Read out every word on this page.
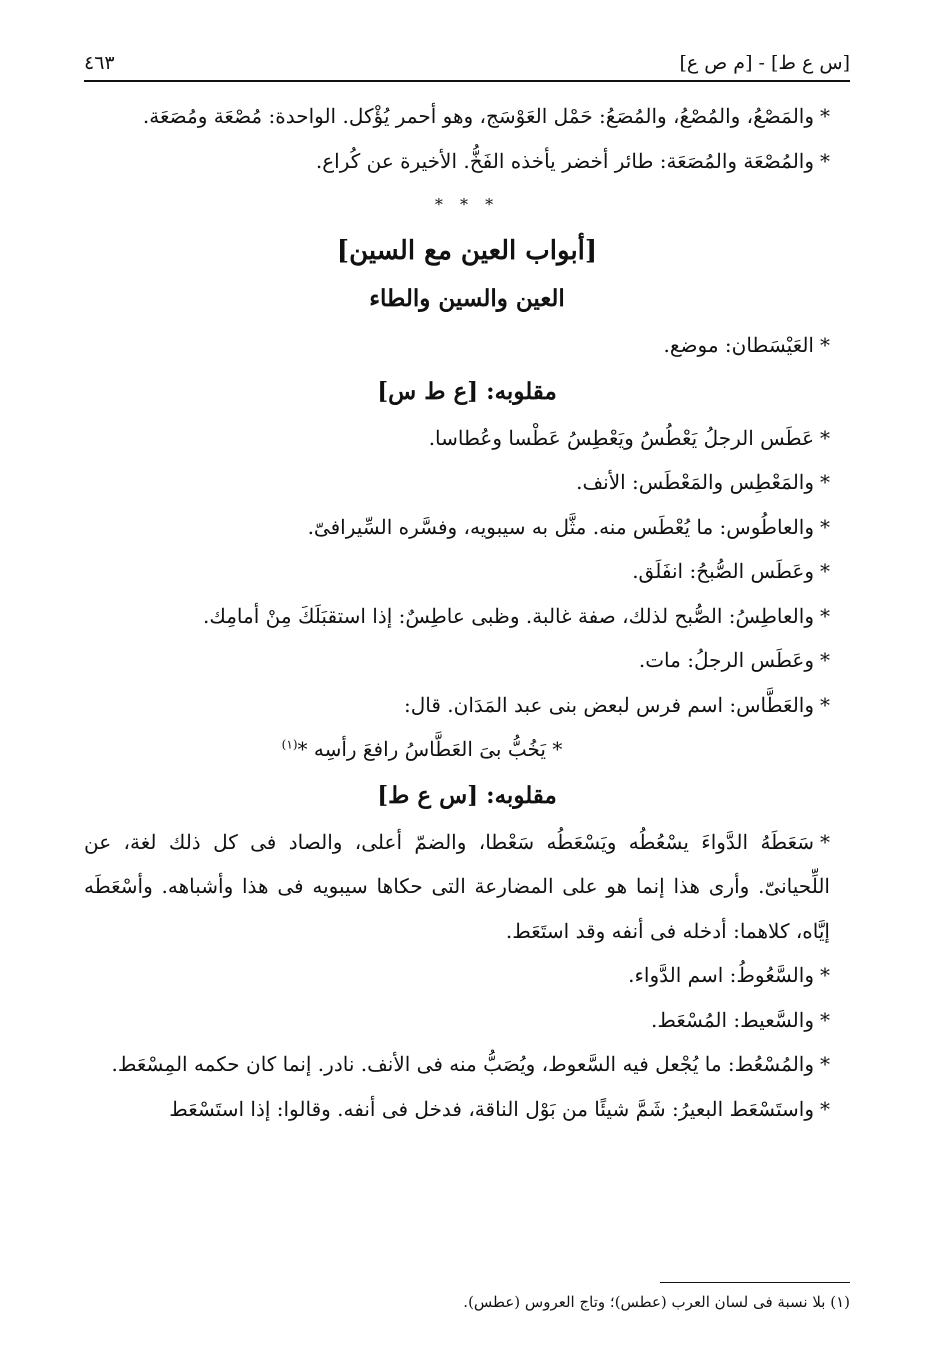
٤٦٣	[م ص ع] - [س ع ط]

*والمَصْعُ، والمُصْعُ، والمُصَعُ: حَمْل العَوْسَج، وهو أحمر يُؤْكل. الواحدة: مُصْعَة ومُصَعَة.

*والمُصْعَة والمُصَعَة: طائر أخضر يأخذه الفَخُّ. الأخيرة عن كُراع.

* * *
[أبواب العين مع السين]
العين والسين والطاء

*العَيْسَطان: موضع.

مقلوبه: [ع ط س]

*عَطَس الرجلُ يَعْطُسُ ويَعْطِسُ عَطْسا وعُطاسا.

*والمَعْطِس والمَعْطَس: الأنف.

*والعاطُوس: ما يُعْطَس منه. مثَّل به سيبويه، وفسَّره السِّيرافىّ.

*وعَطَس الصُّبحُ: انفَلَق.

*والعاطِسُ: الصُّبح لذلك، صفة غالبة. وظبى عاطِسٌ: إذا استقبَلَكَ مِنْ أمامِك.

*وعَطَس الرجلُ: مات.

*والعَطَّاس: اسم فرس لبعض بنى عبد المَدَان. قال:

* يَخُبُّ بىَ العَطَّاسُ رافعَ رأسِه *$^{(١)}$
مقلوبه: [س ع ط]

*سَعَطَهُ الدَّواءَ يسْعُطُه ويَسْعَطُه سَعْطا، والضمّ أعلى، والصاد فى كل ذلك لغة، عن اللِّحيانىّ. وأرى هذا إنما هو على المضارعة التى حكاها سيبويه فى هذا وأشباهه. وأسْعَطَه إيَّاه، كلاهما: أدخله فى أنفه وقد استَعَط.

*والسَّعُوطُ: اسم الدَّواء.

*والسَّعيط: المُسْعَط.

*والمُسْعُط: ما يُجْعل فيه السَّعوط، ويُصَبُّ منه فى الأنف. نادر. إنما كان حكمه المِسْعَط.

*واستَسْعَط البعيرُ: شَمَّ شيئًا من بَوْل الناقة، فدخل فى أنفه. وقالوا: إذا استَسْعَط

(١) بلا نسبة فى لسان العرب (عطس)؛ وتاج العروس (عطس).
